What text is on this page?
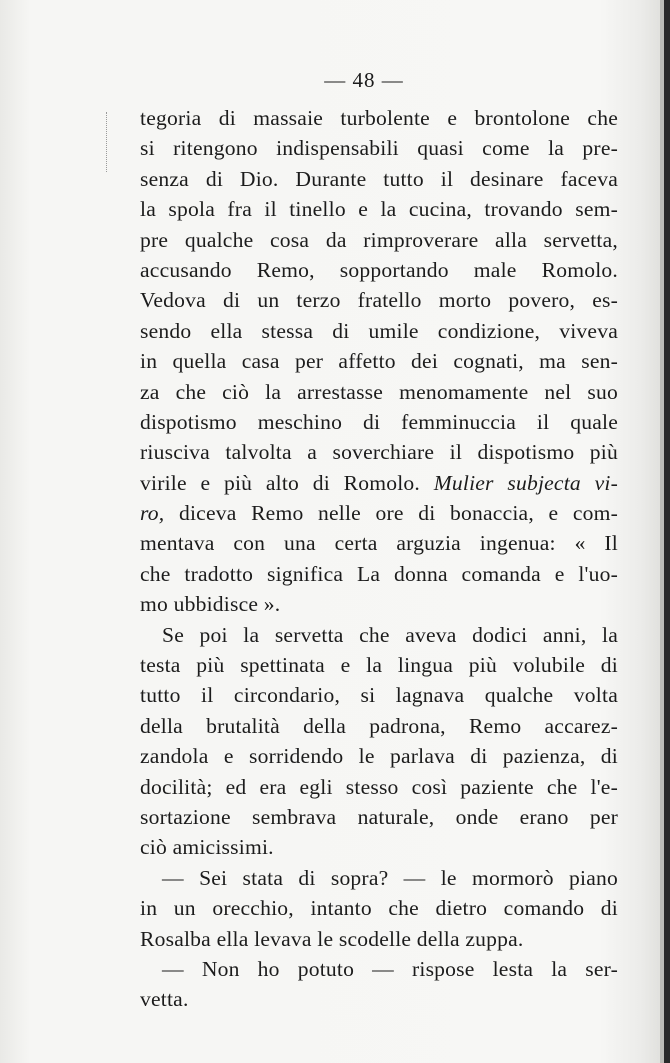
— 48 —
tegoria di massaie turbolente e brontolone che
si ritengono indispensabili quasi come la pre-
senza di Dio. Durante tutto il desinare faceva
la spola fra il tinello e la cucina, trovando sem-
pre qualche cosa da rimproverare alla servetta,
accusando Remo, sopportando male Romolo.
Vedova di un terzo fratello morto povero, es-
sendo ella stessa di umile condizione, viveva
in quella casa per affetto dei cognati, ma sen-
za che ciò la arrestasse menomamente nel suo
dispotismo meschino di femminuccia il quale
riusciva talvolta a soverchiare il dispotismo più
virile e più alto di Romolo. Mulier subjecta vi-
ro, diceva Remo nelle ore di bonaccia, e com-
mentava con una certa arguzia ingenua: « Il
che tradotto significa La donna comanda e l'uo-
mo ubbidisce ».
Se poi la servetta che aveva dodici anni, la
testa più spettinata e la lingua più volubile di
tutto il circondario, si lagnava qualche volta
della brutalità della padrona, Remo accarez-
zandola e sorridendo le parlava di pazienza, di
docilità; ed era egli stesso così paziente che l'e-
sortazione sembrava naturale, onde erano per
ciò amicissimi.
— Sei stata di sopra? — le mormorò piano
in un orecchio, intanto che dietro comando di
Rosalba ella levava le scodelle della zuppa.
— Non ho potuto — rispose lesta la ser-
vetta.
